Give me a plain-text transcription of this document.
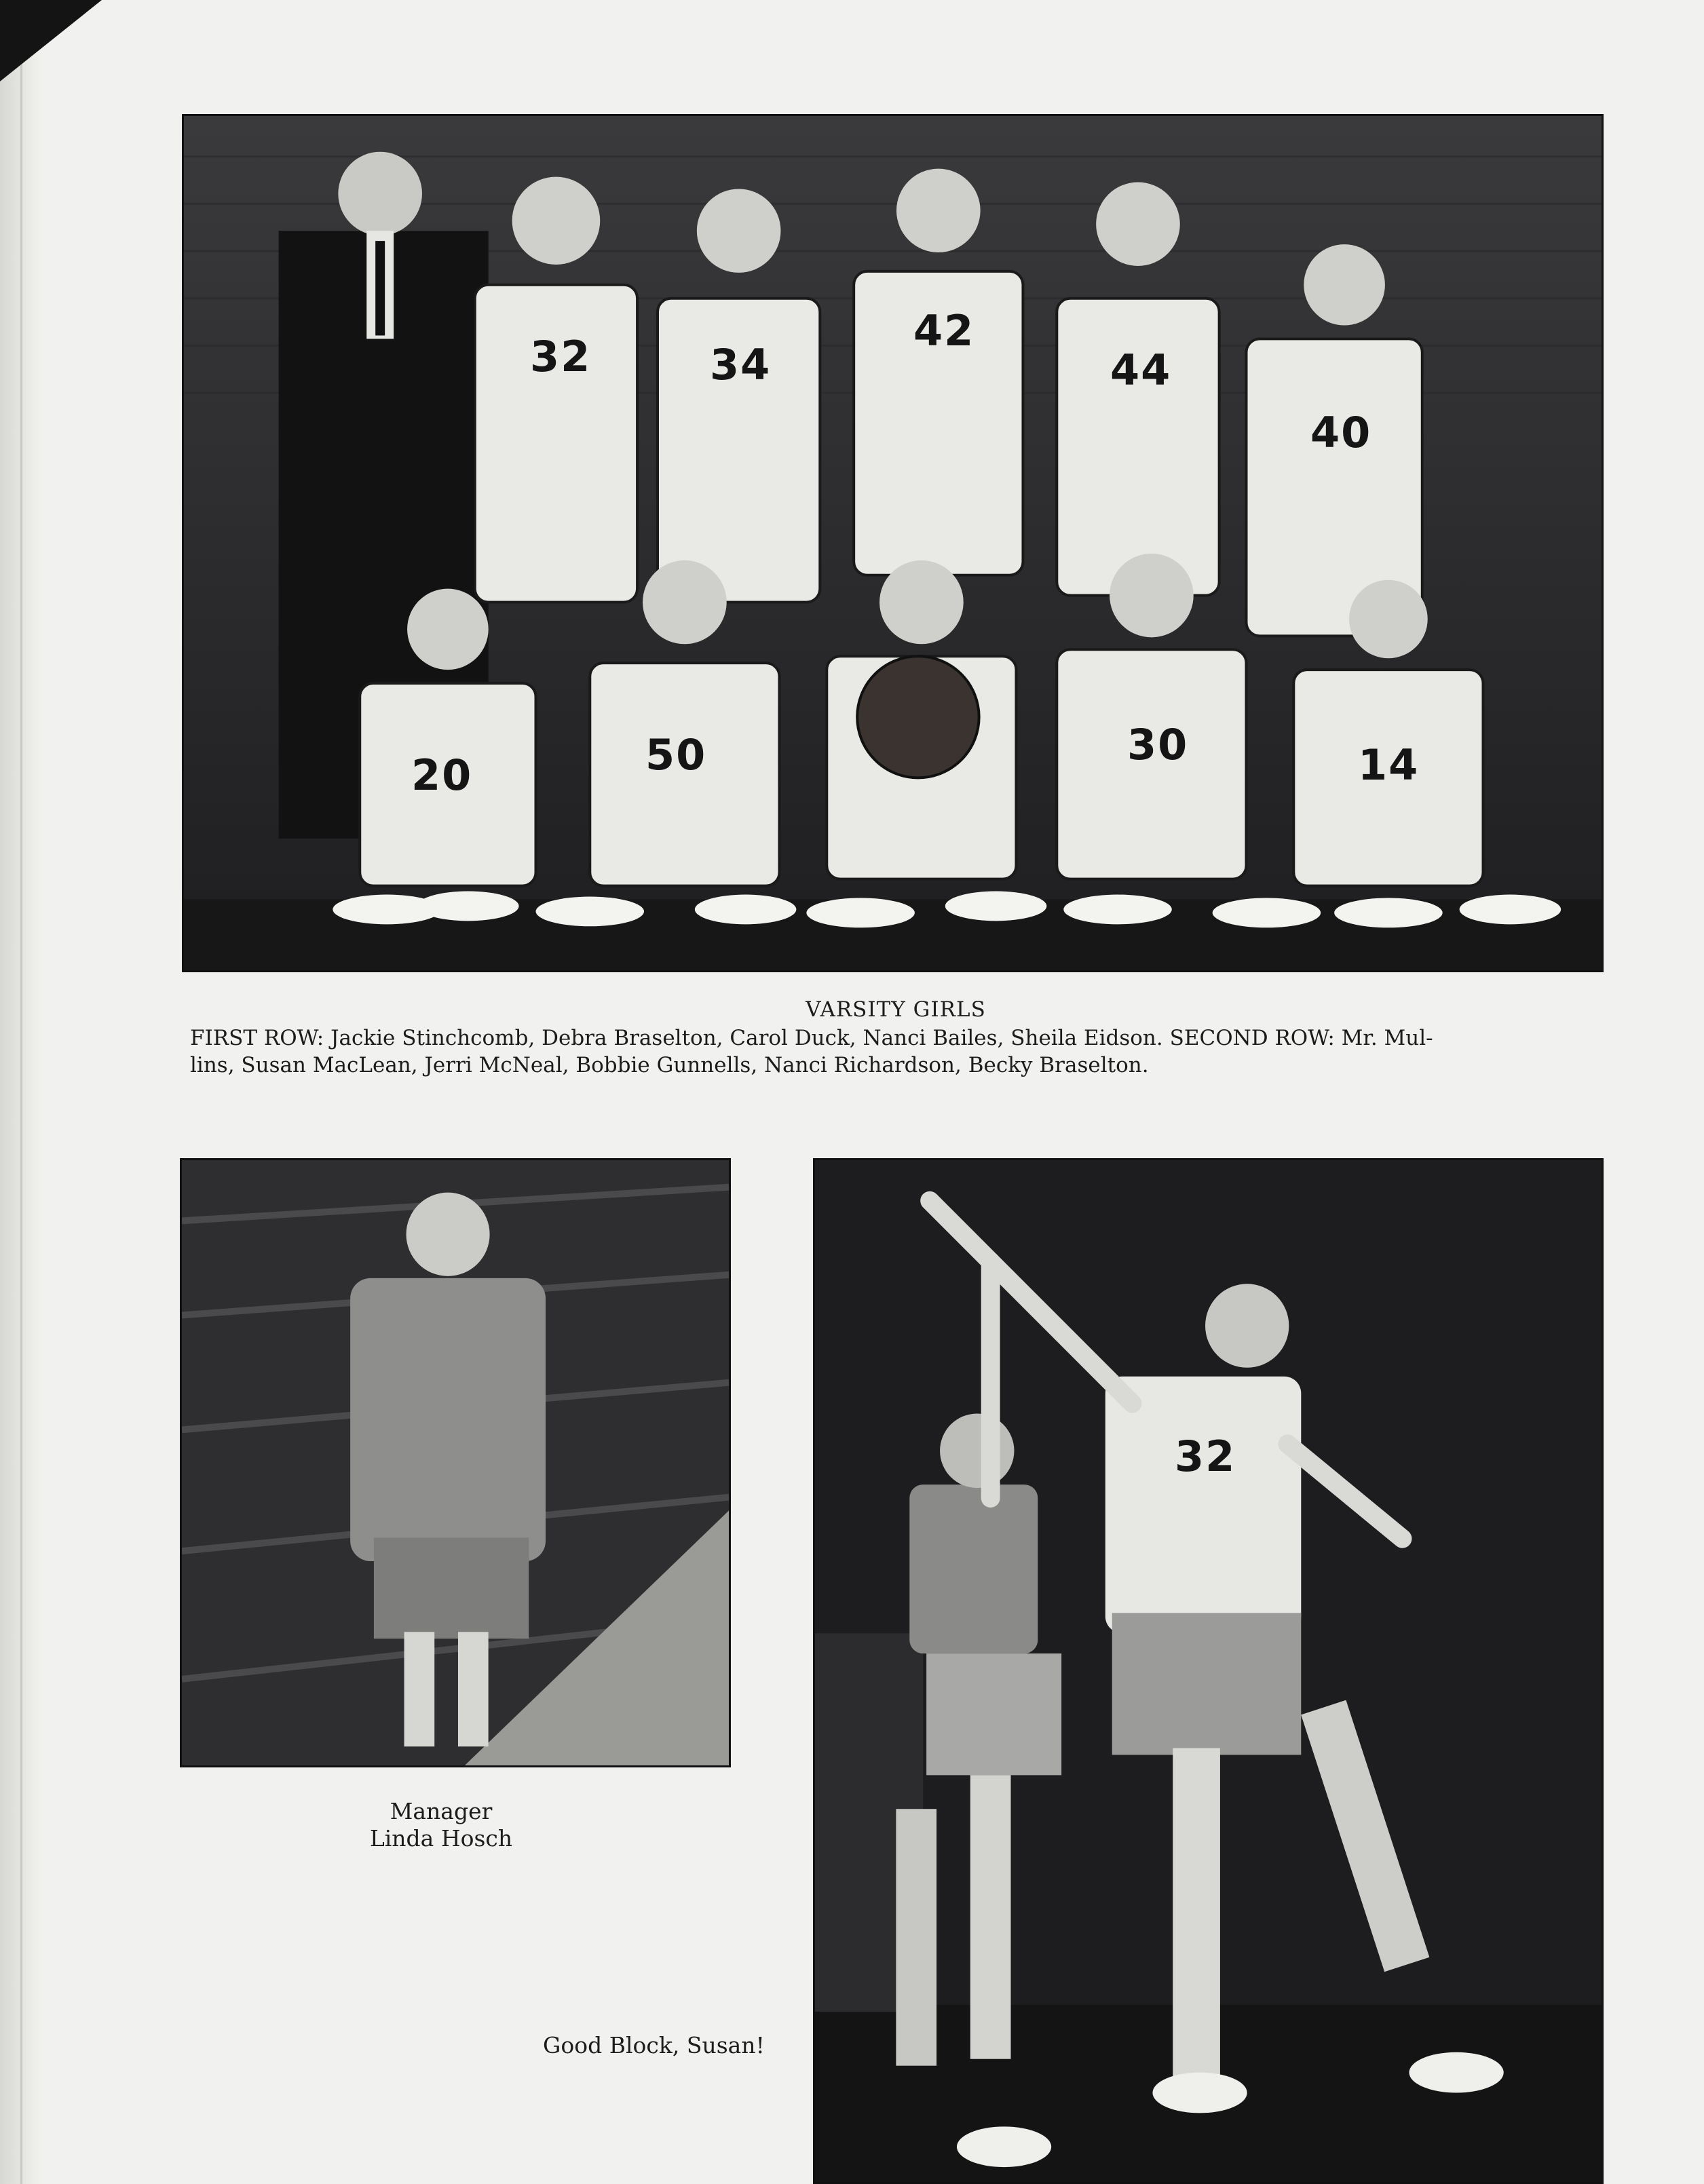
32	34
42
44
40
20	50	30	14
VARSITY GIRLS
FIRST ROW: Jackie Stinchcomb, Debra Braselton, Carol Duck, Nanci Bailes, Sheila Eidson. SECOND ROW: Mr. Mul-
lins, Susan MacLean, Jerri McNeal, Bobbie Gunnells, Nanci Richardson, Becky Braselton.
Manager
Linda Hosch
32
Good Block, Susan!
